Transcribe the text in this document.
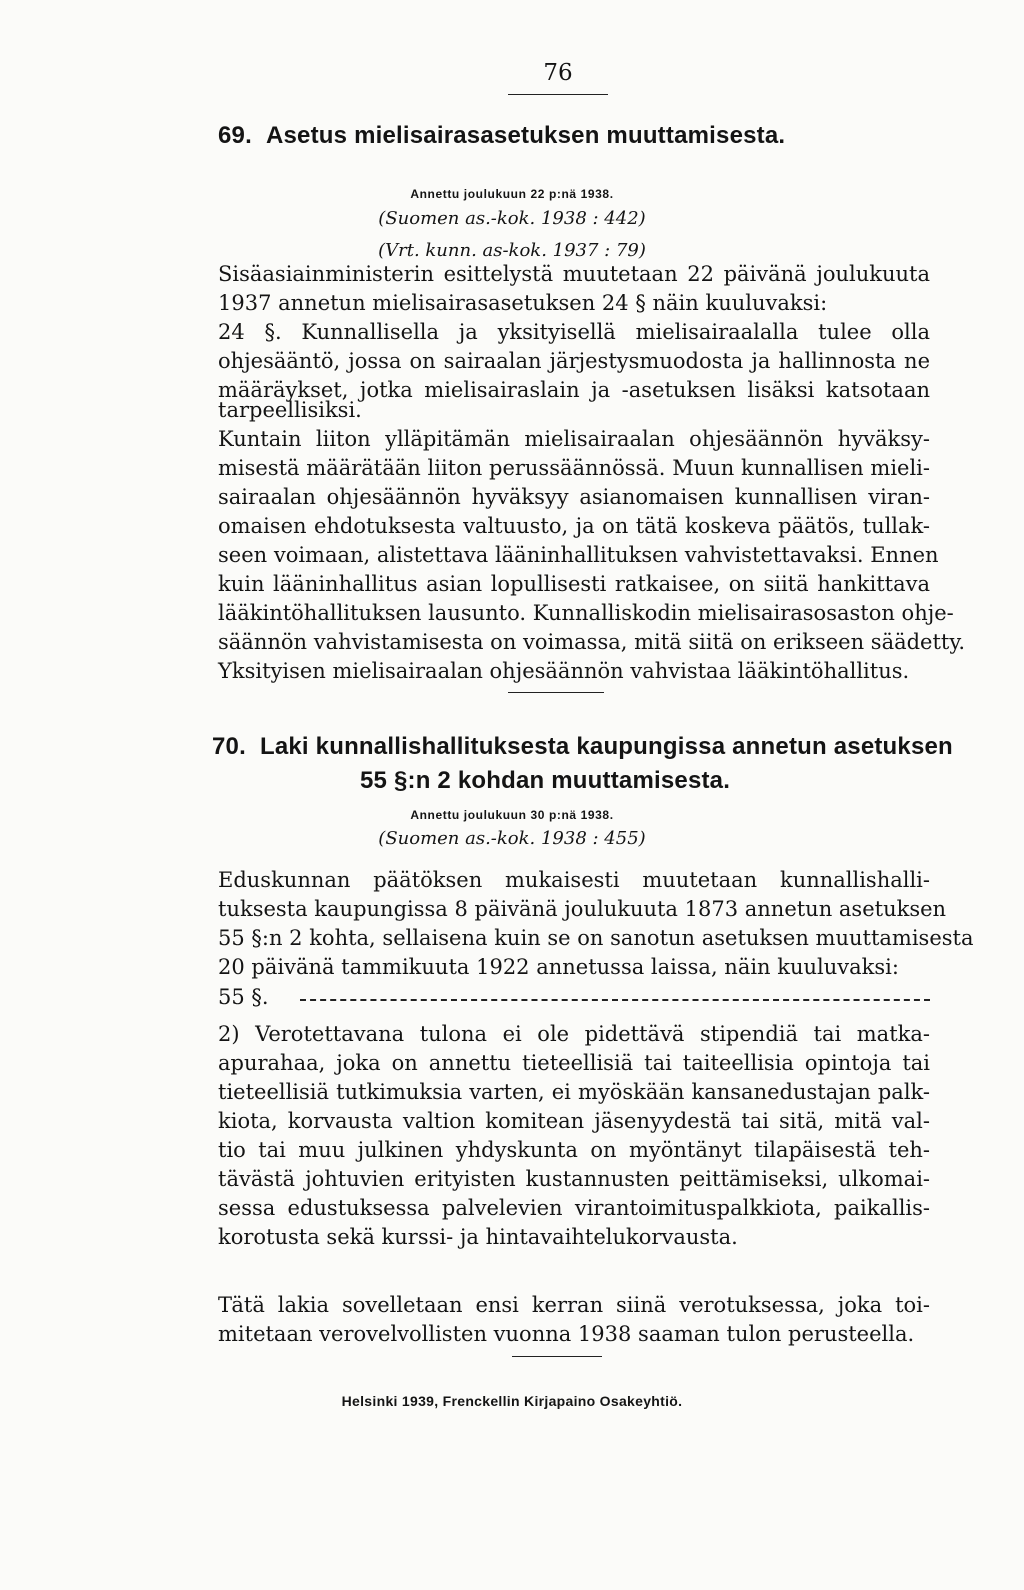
76
69. Asetus mielisairasasetuksen muuttamisesta.
Annettu joulukuun 22 p:nä 1938.
(Suomen as.-kok. 1938 : 442)
(Vrt. kunn. as-kok. 1937 : 79)
Sisäasiainministerin esittelystä muutetaan 22 päivänä joulukuuta
1937 annetun mielisairasasetuksen 24 § näin kuuluvaksi:
24 §. Kunnallisella ja yksityisellä mielisairaalalla tulee olla
ohjesääntö, jossa on sairaalan järjestysmuodosta ja hallinnosta ne
määräykset, jotka mielisairaslain ja -asetuksen lisäksi katsotaan
tarpeellisiksi.
Kuntain liiton ylläpitämän mielisairaalan ohjesäännön hyväksy-
misestä määrätään liiton perussäännössä. Muun kunnallisen mieli-
sairaalan ohjesäännön hyväksyy asianomaisen kunnallisen viran-
omaisen ehdotuksesta valtuusto, ja on tätä koskeva päätös, tullak-
seen voimaan, alistettava lääninhallituksen vahvistettavaksi. Ennen
kuin lääninhallitus asian lopullisesti ratkaisee, on siitä hankittava
lääkintöhallituksen lausunto. Kunnalliskodin mielisairasosaston ohje-
säännön vahvistamisesta on voimassa, mitä siitä on erikseen säädetty.
Yksityisen mielisairaalan ohjesäännön vahvistaa lääkintöhallitus.
70. Laki kunnallishallituksesta kaupungissa annetun asetuksen
55 §:n 2 kohdan muuttamisesta.
Annettu joulukuun 30 p:nä 1938.
(Suomen as.-kok. 1938 : 455)
Eduskunnan päätöksen mukaisesti muutetaan kunnallishalli-
tuksesta kaupungissa 8 päivänä joulukuuta 1873 annetun asetuksen
55 §:n 2 kohta, sellaisena kuin se on sanotun asetuksen muuttamisesta
20 päivänä tammikuuta 1922 annetussa laissa, näin kuuluvaksi:
55 §.
2) Verotettavana tulona ei ole pidettävä stipendiä tai matka-
apurahaa, joka on annettu tieteellisiä tai taiteellisia opintoja tai
tieteellisiä tutkimuksia varten, ei myöskään kansanedustajan palk-
kiota, korvausta valtion komitean jäsenyydestä tai sitä, mitä val-
tio tai muu julkinen yhdyskunta on myöntänyt tilapäisestä teh-
tävästä johtuvien erityisten kustannusten peittämiseksi, ulkomai-
sessa edustuksessa palvelevien virantoimituspalkkiota, paikallis-
korotusta sekä kurssi- ja hintavaihtelukorvausta.
Tätä lakia sovelletaan ensi kerran siinä verotuksessa, joka toi-
mitetaan verovelvollisten vuonna 1938 saaman tulon perusteella.
Helsinki 1939, Frenckellin Kirjapaino Osakeyhtiö.
